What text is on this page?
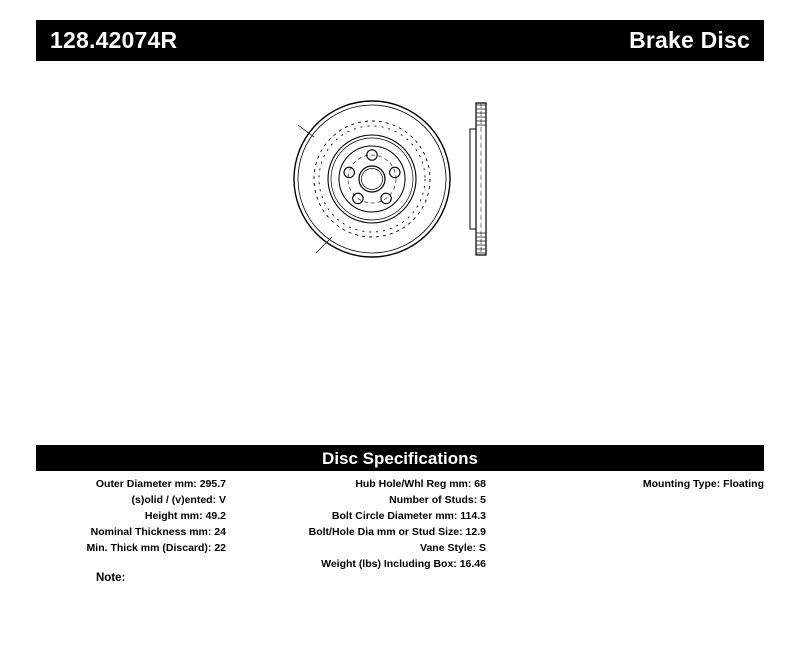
128.42074R	Brake Disc
Disc Specifications
Outer Diameter mm: 295.7
(s)olid / (v)ented: V
Height mm: 49.2
Nominal Thickness mm: 24
Min. Thick mm (Discard): 22
Hub Hole/Whl Reg mm: 68
Number of Studs: 5
Bolt Circle Diameter mm: 114.3
Bolt/Hole Dia mm or Stud Size: 12.9
Vane Style: S
Weight (lbs) Including Box: 16.46
Mounting Type: Floating
Note:
